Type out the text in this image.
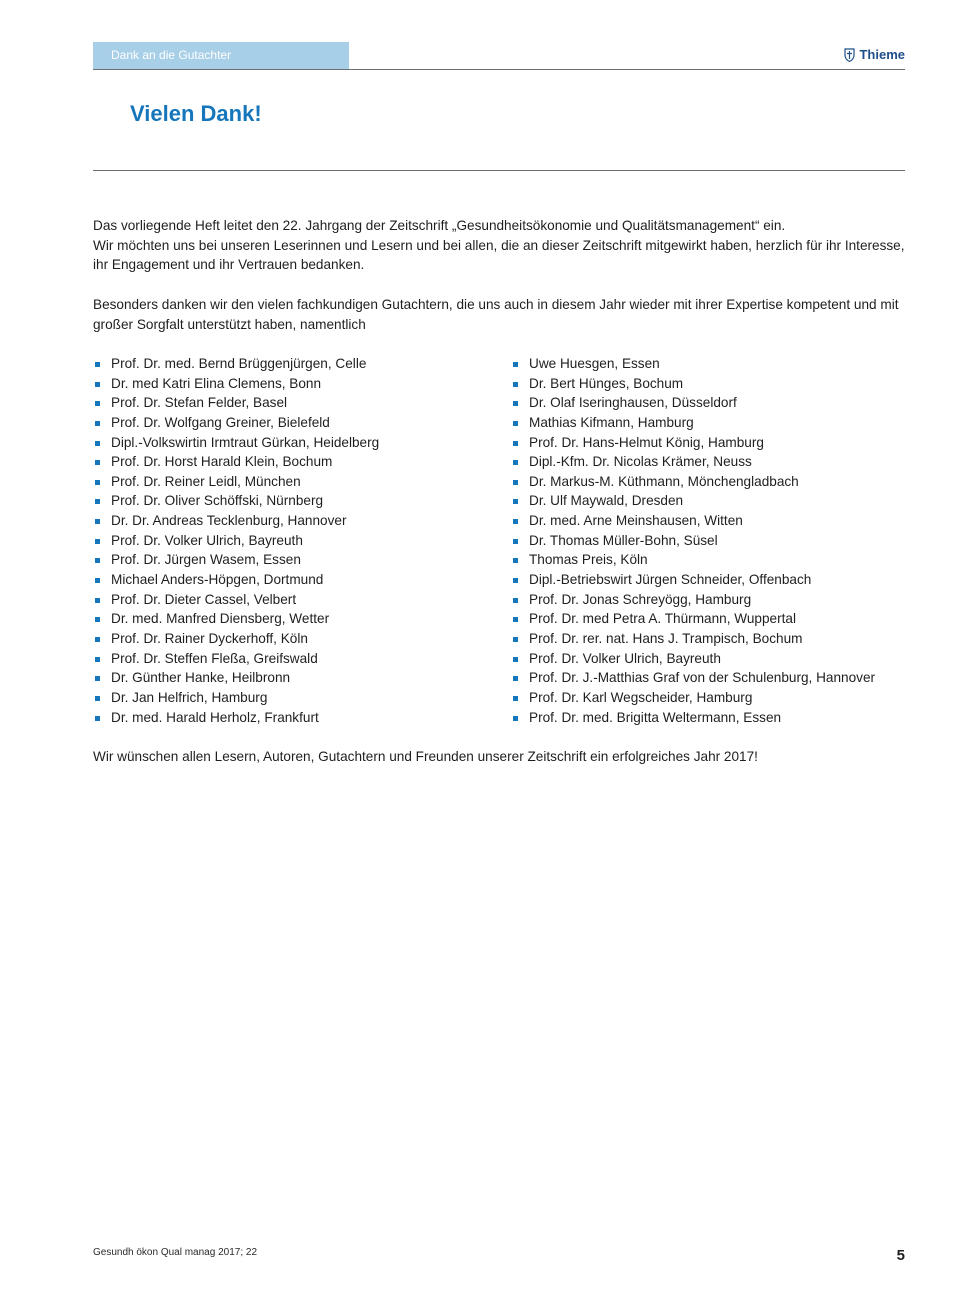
Dank an die Gutachter	Thieme
Vielen Dank!

Das vorliegende Heft leitet den 22. Jahrgang der Zeitschrift „Gesundheitsökonomie und Qualitätsmanagement“ ein.

Wir möchten uns bei unseren Leserinnen und Lesern und bei allen, die an dieser Zeitschrift mitgewirkt haben, herzlich für ihr Interesse, ihr Engagement und ihr Vertrauen bedanken.

Besonders danken wir den vielen fachkundigen Gutachtern, die uns auch in diesem Jahr wieder mit ihrer Expertise kompetent und mit großer Sorgfalt unterstützt haben, namentlich

Prof. Dr. med. Bernd Brüggenjürgen, Celle
Dr. med Katri Elina Clemens, Bonn
Prof. Dr. Stefan Felder, Basel
Prof. Dr. Wolfgang Greiner, Bielefeld
Dipl.-Volkswirtin Irmtraut Gürkan, Heidelberg
Prof. Dr. Horst Harald Klein, Bochum
Prof. Dr. Reiner Leidl, München
Prof. Dr. Oliver Schöffski, Nürnberg
Dr. Dr. Andreas Tecklenburg, Hannover
Prof. Dr. Volker Ulrich, Bayreuth
Prof. Dr. Jürgen Wasem, Essen
Michael Anders-Höpgen, Dortmund
Prof. Dr. Dieter Cassel, Velbert
Dr. med. Manfred Diensberg, Wetter
Prof. Dr. Rainer Dyckerhoff, Köln
Prof. Dr. Steffen Fleßa, Greifswald
Dr. Günther Hanke, Heilbronn
Dr. Jan Helfrich, Hamburg
Dr. med. Harald Herholz, Frankfurt
Uwe Huesgen, Essen
Dr. Bert Hünges, Bochum
Dr. Olaf Iseringhausen, Düsseldorf
Mathias Kifmann, Hamburg
Prof. Dr. Hans-Helmut König, Hamburg
Dipl.-Kfm. Dr. Nicolas Krämer, Neuss
Dr. Markus-M. Küthmann, Mönchengladbach
Dr. Ulf Maywald, Dresden
Dr. med. Arne Meinshausen, Witten
Dr. Thomas Müller-Bohn, Süsel
Thomas Preis, Köln
Dipl.-Betriebswirt Jürgen Schneider, Offenbach
Prof. Dr. Jonas Schreyögg, Hamburg
Prof. Dr. med Petra A. Thürmann, Wuppertal
Prof. Dr. rer. nat. Hans J. Trampisch, Bochum
Prof. Dr. Volker Ulrich, Bayreuth
Prof. Dr. J.-Matthias Graf von der Schulenburg, Hannover
Prof. Dr. Karl Wegscheider, Hamburg
Prof. Dr. med. Brigitta Weltermann, Essen

Wir wünschen allen Lesern, Autoren, Gutachtern und Freunden unserer Zeitschrift ein erfolgreiches Jahr 2017!

Gesundh ökon Qual manag 2017; 22	5
